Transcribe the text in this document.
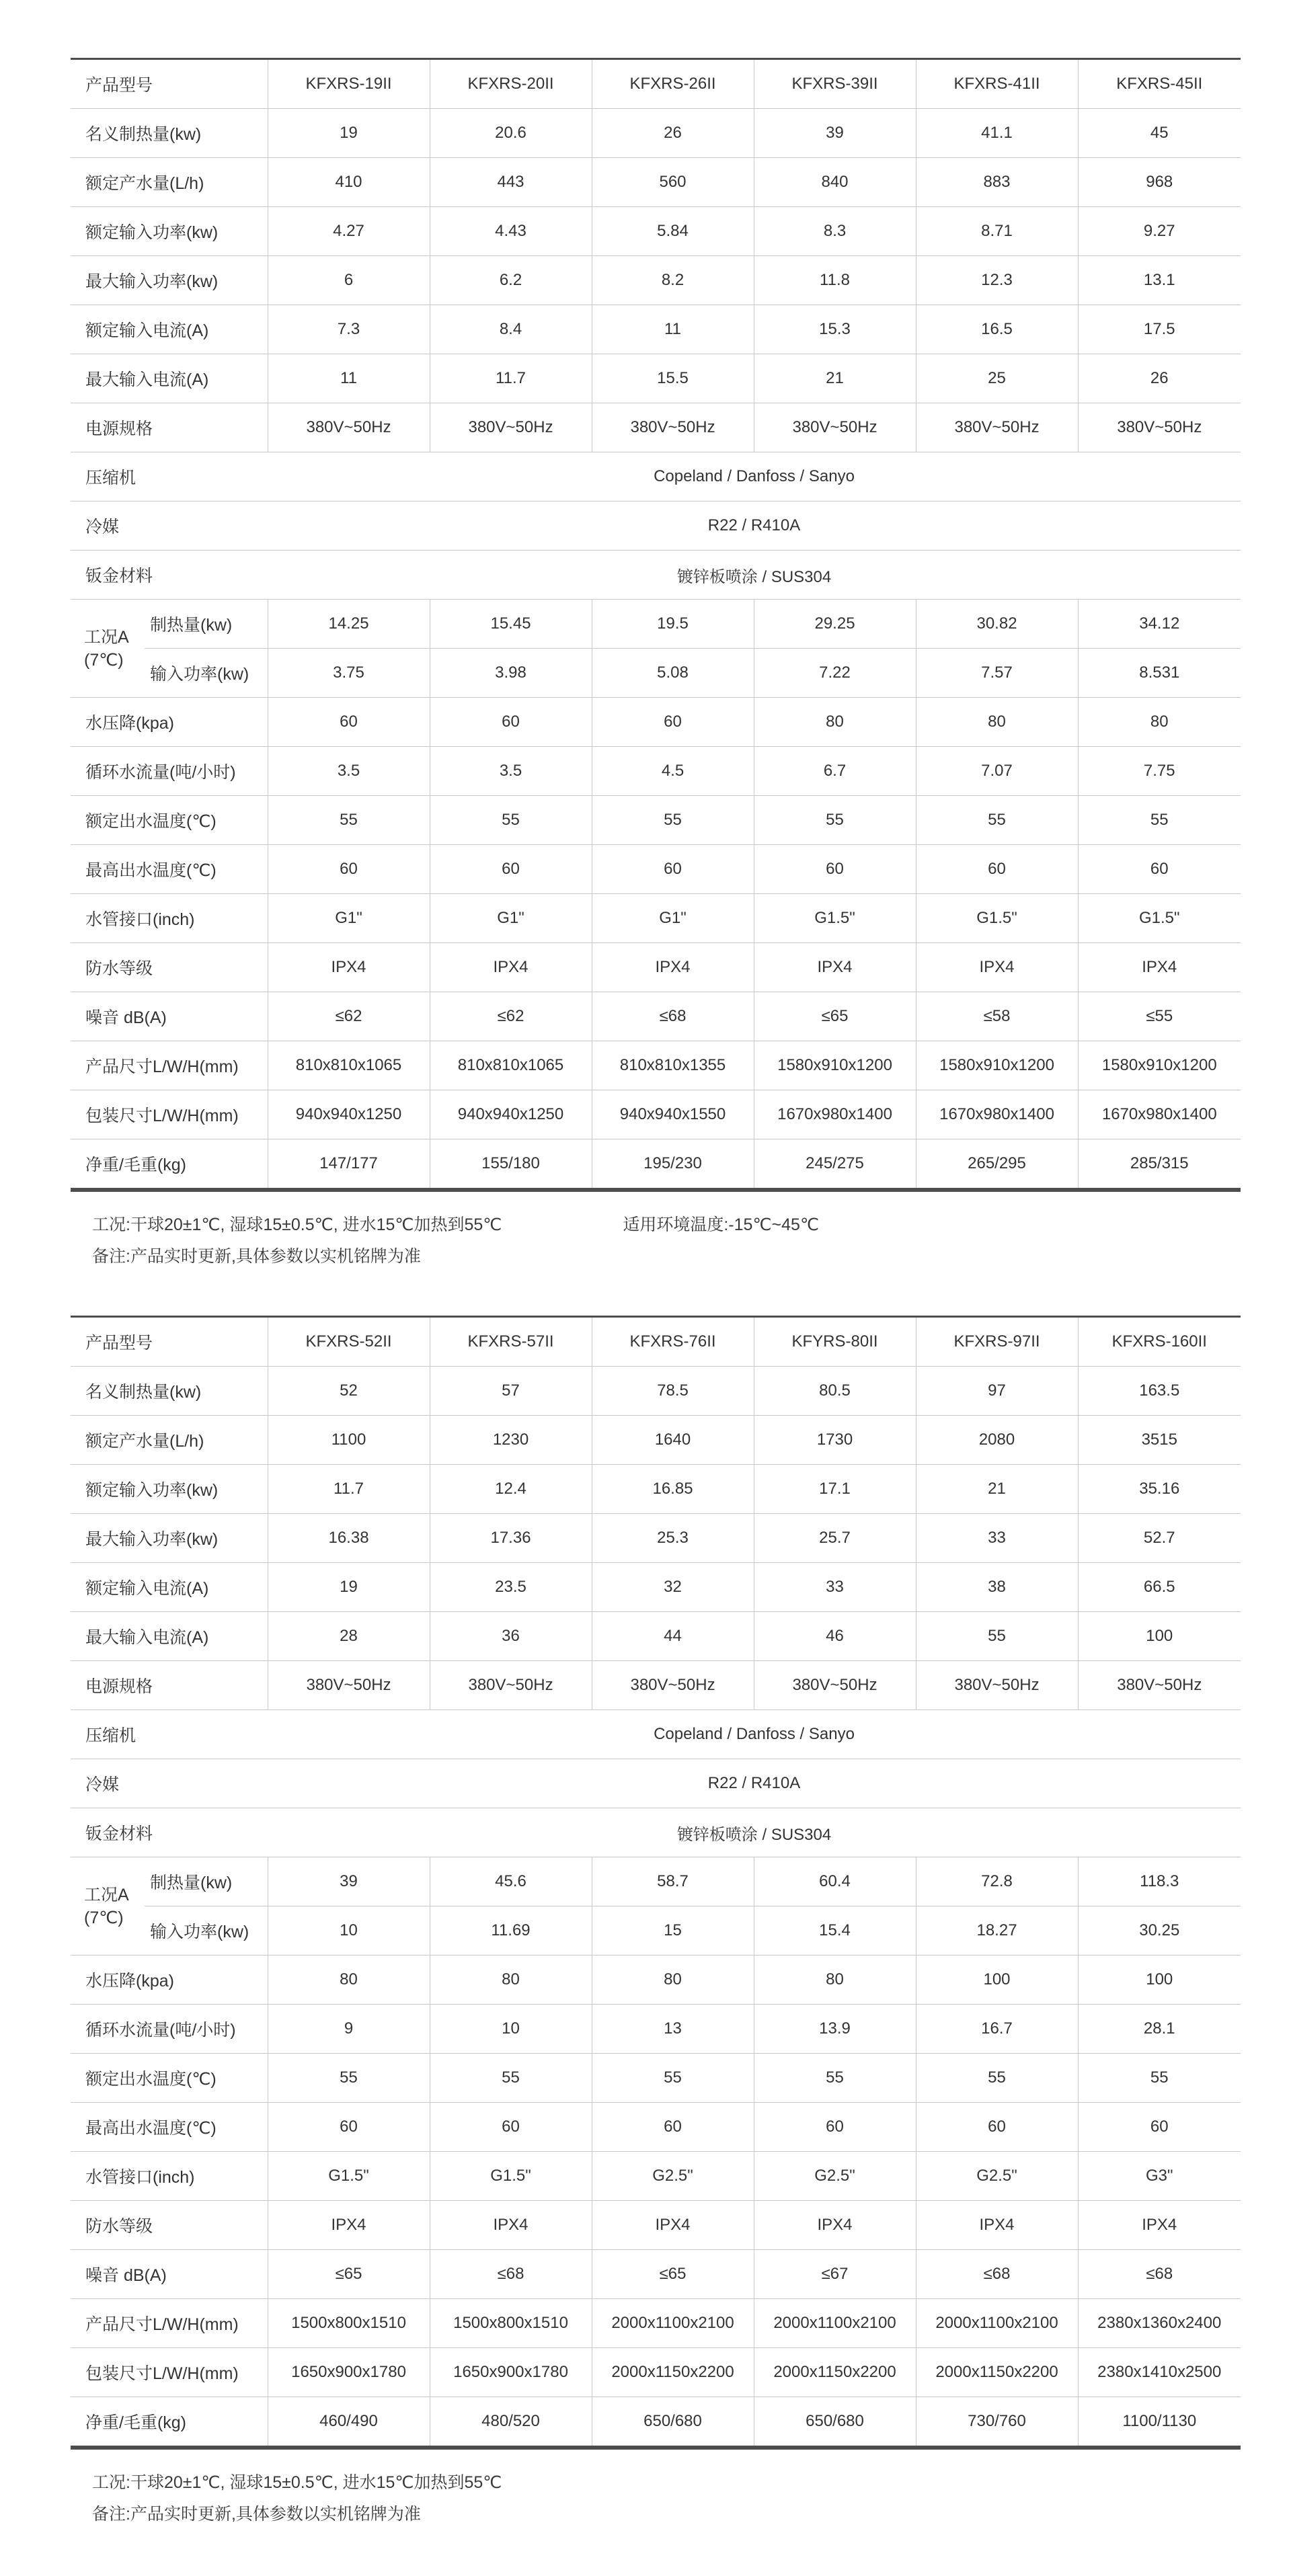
产品型号		KFXRS-19II	KFXRS-20II	KFXRS-26II	KFXRS-39II	KFXRS-41II	KFXRS-45II
名义制热量(kw)		19	20.6	26	39	41.1	45
额定产水量(L/h)		410	443	560	840	883	968
额定输入功率(kw)		4.27	4.43	5.84	8.3	8.71	9.27
最大输入功率(kw)		6	6.2	8.2	11.8	12.3	13.1
额定输入电流(A)		7.3	8.4	11	15.3	16.5	17.5
最大输入电流(A)		11	11.7	15.5	21	25	26
电源规格		380V~50Hz	380V~50Hz	380V~50Hz	380V~50Hz	380V~50Hz	380V~50Hz
压缩机		Copeland / Danfoss / Sanyo					
冷媒		R22 / R410A					
钣金材料		镀锌板喷涂 / SUS304					

工况A
(7℃)	制热量(kw)	14.25	15.45	19.5	29.25	30.82	34.12
	输入功率(kw)	3.75	3.98	5.08	7.22	7.57	8.531
水压降(kpa)		60	60	60	80	80	80
循环水流量(吨/小时)		3.5	3.5	4.5	6.7	7.07	7.75
额定出水温度(℃)		55	55	55	55	55	55
最高出水温度(℃)		60	60	60	60	60	60
水管接口(inch)		G1"	G1"	G1"	G1.5"	G1.5"	G1.5"
防水等级		IPX4	IPX4	IPX4	IPX4	IPX4	IPX4
噪音 dB(A)		≤62	≤62	≤68	≤65	≤58	≤55
产品尺寸L/W/H(mm)		810x810x1065	810x810x1065	810x810x1355	1580x910x1200	1580x910x1200	1580x910x1200
包装尺寸L/W/H(mm)		940x940x1250	940x940x1250	940x940x1550	1670x980x1400	1670x980x1400	1670x980x1400
净重/毛重(kg)		147/177	155/180	195/230	245/275	265/295	285/315
工况:干球20±1℃, 湿球15±0.5℃, 进水15℃加热到55℃	适用环境温度:-15℃~45℃
备注:产品实时更新,具体参数以实机铭牌为准
产品型号		KFXRS-52II	KFXRS-57II	KFXRS-76II	KFYRS-80II	KFXRS-97II	KFXRS-160II
名义制热量(kw)		52	57	78.5	80.5	97	163.5
额定产水量(L/h)		1100	1230	1640	1730	2080	3515
额定输入功率(kw)		11.7	12.4	16.85	17.1	21	35.16
最大输入功率(kw)		16.38	17.36	25.3	25.7	33	52.7
额定输入电流(A)		19	23.5	32	33	38	66.5
最大输入电流(A)		28	36	44	46	55	100
电源规格		380V~50Hz	380V~50Hz	380V~50Hz	380V~50Hz	380V~50Hz	380V~50Hz
压缩机		Copeland / Danfoss / Sanyo					
冷媒		R22 / R410A					
钣金材料		镀锌板喷涂 / SUS304					

工况A
(7℃)	制热量(kw)	39	45.6	58.7	60.4	72.8	118.3
	输入功率(kw)	10	11.69	15	15.4	18.27	30.25
水压降(kpa)		80	80	80	80	100	100
循环水流量(吨/小时)		9	10	13	13.9	16.7	28.1
额定出水温度(℃)		55	55	55	55	55	55
最高出水温度(℃)		60	60	60	60	60	60
水管接口(inch)		G1.5"	G1.5"	G2.5"	G2.5"	G2.5"	G3"
防水等级		IPX4	IPX4	IPX4	IPX4	IPX4	IPX4
噪音 dB(A)		≤65	≤68	≤65	≤67	≤68	≤68
产品尺寸L/W/H(mm)		1500x800x1510	1500x800x1510	2000x1100x2100	2000x1100x2100	2000x1100x2100	2380x1360x2400
包装尺寸L/W/H(mm)		1650x900x1780	1650x900x1780	2000x1150x2200	2000x1150x2200	2000x1150x2200	2380x1410x2500
净重/毛重(kg)		460/490	480/520	650/680	650/680	730/760	1100/1130
工况:干球20±1℃, 湿球15±0.5℃, 进水15℃加热到55℃
备注:产品实时更新,具体参数以实机铭牌为准
